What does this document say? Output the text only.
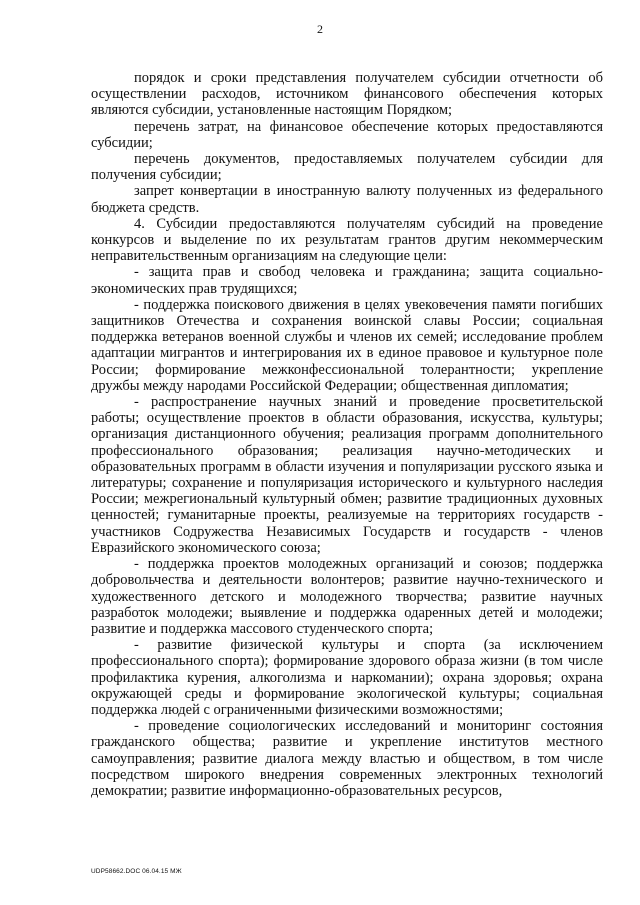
2

порядок и сроки представления получателем субсидии отчетности об осуществлении расходов, источником финансового обеспечения которых являются субсидии, установленные настоящим Порядком;

перечень затрат, на финансовое обеспечение которых предоставляются субсидии;

перечень документов, предоставляемых получателем субсидии для получения субсидии;

запрет конвертации в иностранную валюту полученных из федерального бюджета средств.

4. Субсидии предоставляются получателям субсидий на проведение конкурсов и выделение по их результатам грантов другим некоммерческим неправительственным организациям на следующие цели:

- защита прав и свобод человека и гражданина; защита социально-экономических прав трудящихся;

- поддержка поискового движения в целях увековечения памяти погибших защитников Отечества и сохранения воинской славы России; социальная поддержка ветеранов военной службы и членов их семей; исследование проблем адаптации мигрантов и интегрирования их в единое правовое и культурное поле России; формирование межконфессиональной толерантности; укрепление дружбы между народами Российской Федерации; общественная дипломатия;

- распространение научных знаний и проведение просветительской работы; осуществление проектов в области образования, искусства, культуры; организация дистанционного обучения; реализация программ дополнительного профессионального образования; реализация научно-методических и образовательных программ в области изучения и популяризации русского языка и литературы; сохранение и популяризация исторического и культурного наследия России; межрегиональный культурный обмен; развитие традиционных духовных ценностей; гуманитарные проекты, реализуемые на территориях государств - участников Содружества Независимых Государств и государств - членов Евразийского экономического союза;

- поддержка проектов молодежных организаций и союзов; поддержка добровольчества и деятельности волонтеров; развитие научно-технического и художественного детского и молодежного творчества; развитие научных разработок молодежи; выявление и поддержка одаренных детей и молодежи; развитие и поддержка массового студенческого спорта;

- развитие физической культуры и спорта (за исключением профессионального спорта); формирование здорового образа жизни (в том числе профилактика курения, алкоголизма и наркомании); охрана здоровья; охрана окружающей среды и формирование экологической культуры; социальная поддержка людей с ограниченными физическими возможностями;

- проведение социологических исследований и мониторинг состояния гражданского общества; развитие и укрепление институтов местного самоуправления; развитие диалога между властью и обществом, в том числе посредством широкого внедрения современных электронных технологий демократии; развитие информационно-образовательных ресурсов,

UDP58662.DOC 06.04.15 МЖ
